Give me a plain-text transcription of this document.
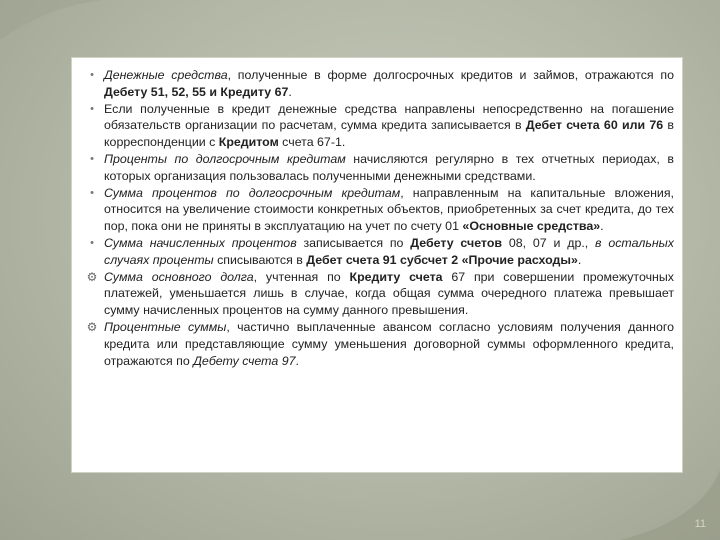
• Денежные средства, полученные в форме долгосрочных кредитов и займов, отражаются по Дебету 51, 52, 55 и Кредиту 67.
• Если полученные в кредит денежные средства направлены непосредственно на погашение обязательств организации по расчетам, сумма кредита записывается в Дебет счета 60 или 76 в корреспонденции с Кредитом счета 67-1.
• Проценты по долгосрочным кредитам начисляются регулярно в тех отчетных периодах, в которых организация пользовалась полученными денежными средствами.
• Сумма процентов по долгосрочным кредитам, направленным на капитальные вложения, относится на увеличение стоимости конкретных объектов, приобретенных за счет кредита, до тех пор, пока они не приняты в эксплуатацию на учет по счету 01 «Основные средства».
• Сумма начисленных процентов записывается по Дебету счетов 08, 07 и др., в остальных случаях проценты списываются в Дебет счета 91 субсчет 2 «Прочие расходы».
⚙ Сумма основного долга, учтенная по Кредиту счета 67 при совершении промежуточных платежей, уменьшается лишь в случае, когда общая сумма очередного платежа превышает сумму начисленных процентов на сумму данного превышения.
⚙ Процентные суммы, частично выплаченные авансом согласно условиям получения данного кредита или представляющие сумму уменьшения договорной суммы оформленного кредита, отражаются по Дебету счета 97.
11
